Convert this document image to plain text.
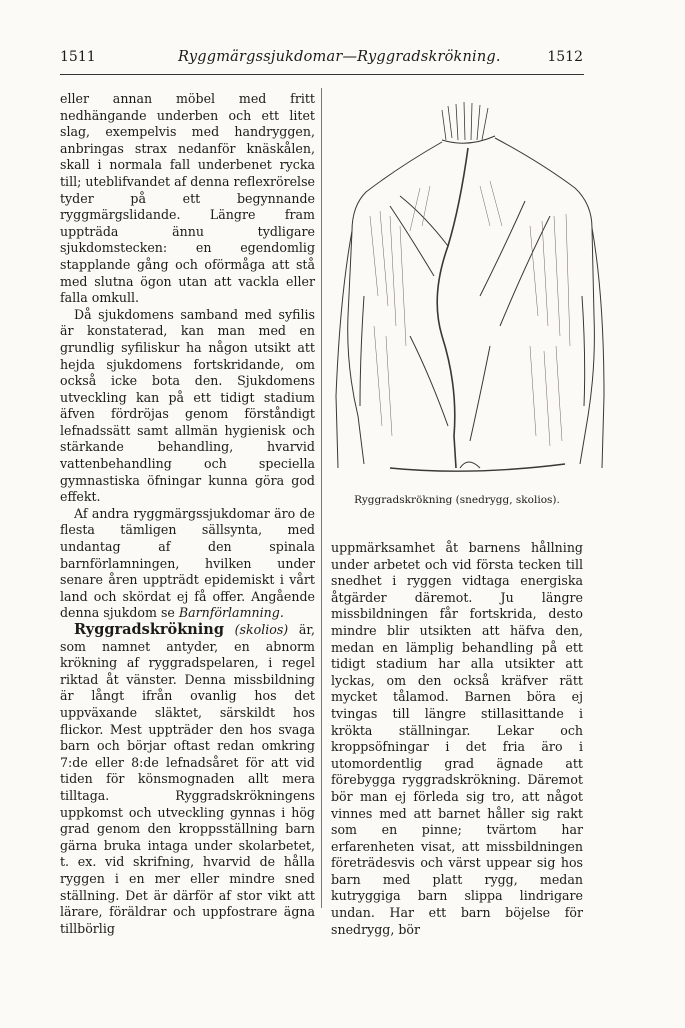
1511	Ryggmärgssjukdomar—Ryggradskrökning.	1512

eller annan möbel med fritt nedhängande underben och ett litet slag, exempelvis med handryggen, anbringas strax nedanför knäskålen, skall i normala fall underbenet rycka till; uteblifvandet af denna reflexrörelse tyder på ett begynnande ryggmärgslidande. Längre fram uppträda ännu tydligare sjukdomstecken: en egendomlig stapplande gång och oförmåga att stå med slutna ögon utan att vackla eller falla omkull.

Då sjukdomens samband med syfilis är konstaterad, kan man med en grundlig syfiliskur ha någon utsikt att hejda sjukdomens fortskridande, om också icke bota den. Sjukdomens utveckling kan på ett tidigt stadium äfven fördröjas genom förståndigt lefnadssätt samt allmän hygienisk och stärkande behandling, hvarvid vattenbehandling och speciella gymnastiska öfningar kunna göra god effekt.

Af andra ryggmärgssjukdomar äro de flesta tämligen sällsynta, med undantag af den spinala barnförlamningen, hvilken under senare åren uppträdt epidemiskt i vårt land och skördat ej få offer. Angående denna sjukdom se Barnförlamning.

Ryggradskrökning (skolios) är, som namnet antyder, en abnorm krökning af ryggradspelaren, i regel riktad åt vänster. Denna missbildning är långt ifrån ovanlig hos det uppväxande släktet, särskildt hos flickor. Mest uppträder den hos svaga barn och börjar oftast redan omkring 7:de eller 8:de lefnadsåret för att vid tiden för könsmognaden allt mera tilltaga. Ryggradskrökningens uppkomst och utveckling gynnas i hög grad genom den kroppsställning barn gärna bruka intaga under skolarbetet, t. ex. vid skrifning, hvarvid de hålla ryggen i en mer eller mindre sned ställning. Det är därför af stor vikt att lärare, föräldrar och uppfostrare ägna tillbörlig

Ryggradskrökning (snedrygg, skolios).

uppmärksamhet åt barnens hållning under arbetet och vid första tecken till snedhet i ryggen vidtaga energiska åtgärder däremot. Ju längre missbildningen får fortskrida, desto mindre blir utsikten att häfva den, medan en lämplig behandling på ett tidigt stadium har alla utsikter att lyckas, om den också kräfver rätt mycket tålamod. Barnen böra ej tvingas till längre stillasittande i krökta ställningar. Lekar och kroppsöfningar i det fria äro i utomordentlig grad ägnade att förebygga ryggradskrökning. Däremot bör man ej förleda sig tro, att något vinnes med att barnet håller sig rakt som en pinne; tvärtom har erfarenheten visat, att missbildningen företrädesvis och värst uppear sig hos barn med platt rygg, medan kutryggiga barn slippa lindrigare undan. Har ett barn böjelse för snedrygg, bör
